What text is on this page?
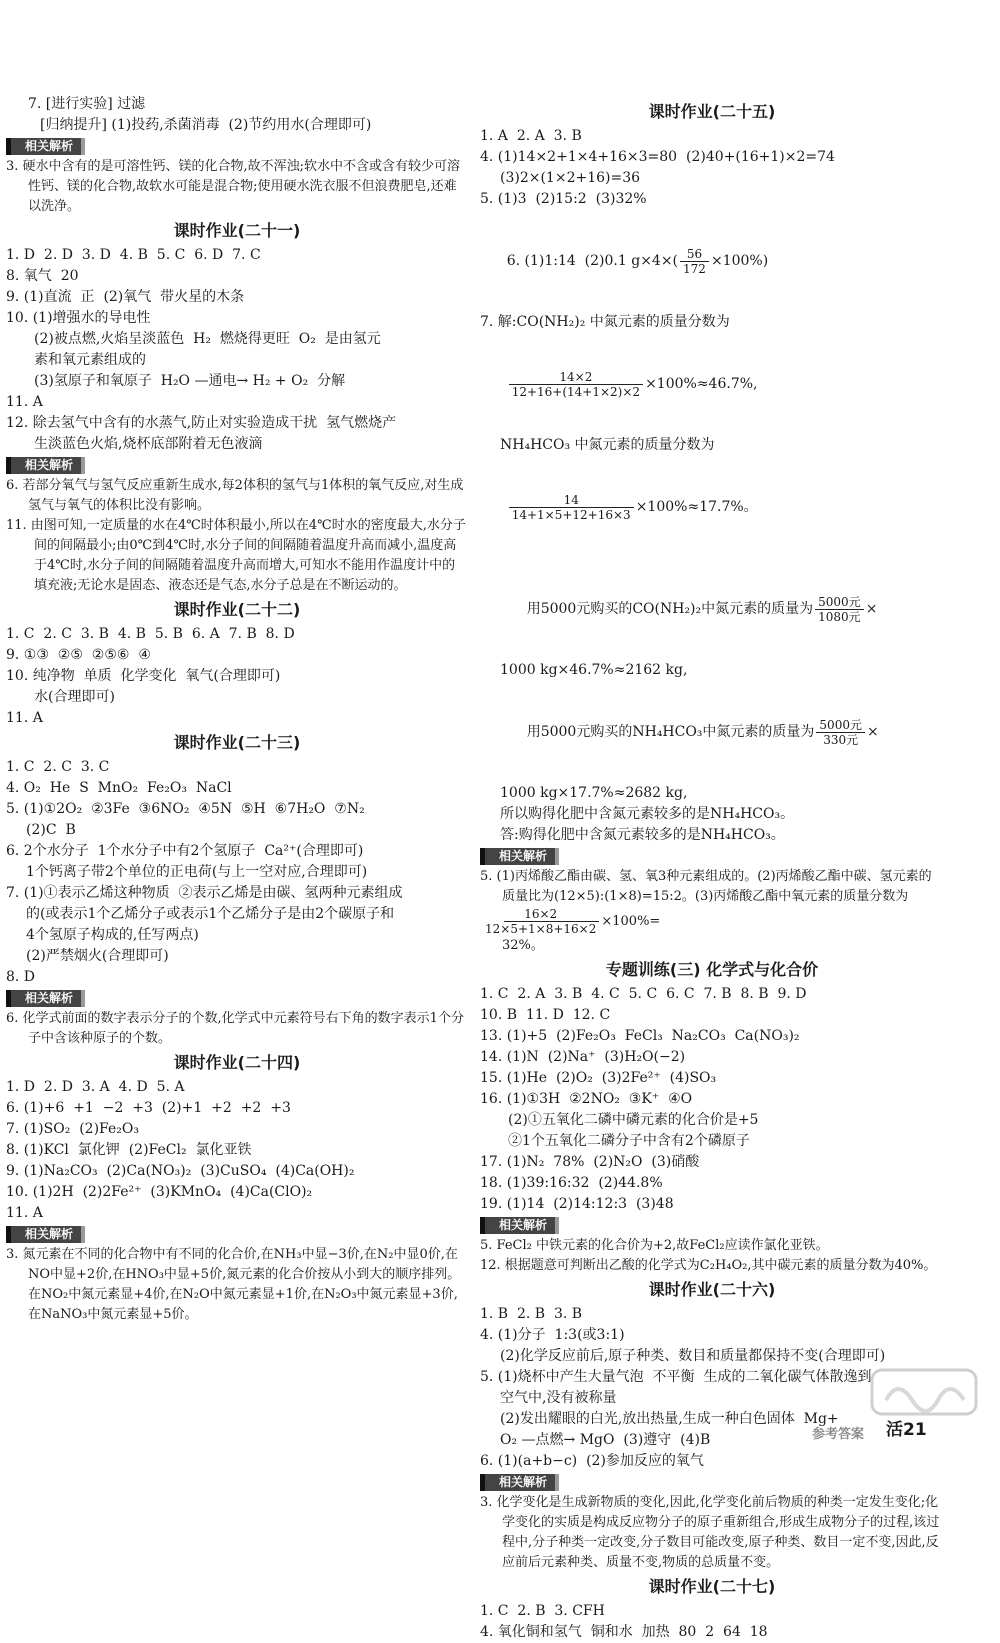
7. [进行实验] 过滤
[归纳提升] (1)投药,杀菌消毒  (2)节约用水(合理即可)
相关解析
3. 硬水中含有的是可溶性钙、镁的化合物,故不浑浊;软水中不含或含有较少可溶性钙、镁的化合物,故软水可能是混合物;使用硬水洗衣服不但浪费肥皂,还难以洗净。
课时作业(二十一)
1. D  2. D  3. D  4. B  5. C  6. D  7. C
8. 氧气  20
9. (1)直流  正  (2)氧气  带火星的木条
10. (1)增强水的导电性
(2)被点燃,火焰呈淡蓝色  H₂  燃烧得更旺  O₂  是由氢元
素和氧元素组成的
(3)氢原子和氧原子  H₂O —通电→ H₂ + O₂  分解
11. A
12. 除去氢气中含有的水蒸气,防止对实验造成干扰  氢气燃烧产
生淡蓝色火焰,烧杯底部附着无色液滴
相关解析
6. 若部分氧气与氢气反应重新生成水,每2体积的氢气与1体积的氧气反应,对生成氢气与氧气的体积比没有影响。
11. 由图可知,一定质量的水在4℃时体积最小,所以在4℃时水的密度最大,水分子间的间隔最小;由0℃到4℃时,水分子间的间隔随着温度升高而减小,温度高于4℃时,水分子间的间隔随着温度升高而增大,可知水不能用作温度计中的填充液;无论水是固态、液态还是气态,水分子总是在不断运动的。
课时作业(二十二)
1. C  2. C  3. B  4. B  5. B  6. A  7. B  8. D
9. ①③  ②⑤  ②⑤⑥  ④
10. 纯净物  单质  化学变化  氧气(合理即可)
水(合理即可)
11. A
课时作业(二十三)
1. C  2. C  3. C
4. O₂  He  S  MnO₂  Fe₂O₃  NaCl
5. (1)①2O₂  ②3Fe  ③6NO₂  ④5N  ⑤H  ⑥7H₂O  ⑦N₂
(2)C  B
6. 2个水分子  1个水分子中有2个氢原子  Ca²⁺(合理即可)
1个钙离子带2个单位的正电荷(与上一空对应,合理即可)
7. (1)①表示乙烯这种物质  ②表示乙烯是由碳、氢两种元素组成
的(或表示1个乙烯分子或表示1个乙烯分子是由2个碳原子和
4个氢原子构成的,任写两点)
(2)严禁烟火(合理即可)
8. D
相关解析
6. 化学式前面的数字表示分子的个数,化学式中元素符号右下角的数字表示1个分子中含该种原子的个数。
课时作业(二十四)
1. D  2. D  3. A  4. D  5. A
6. (1)+6  +1  −2  +3  (2)+1  +2  +2  +3
7. (1)SO₂  (2)Fe₂O₃
8. (1)KCl  氯化钾  (2)FeCl₂  氯化亚铁
9. (1)Na₂CO₃  (2)Ca(NO₃)₂  (3)CuSO₄  (4)Ca(OH)₂
10. (1)2H  (2)2Fe²⁺  (3)KMnO₄  (4)Ca(ClO)₂
11. A
相关解析
3. 氮元素在不同的化合物中有不同的化合价,在NH₃中显−3价,在N₂中显0价,在NO中显+2价,在HNO₃中显+5价,氮元素的化合价按从小到大的顺序排列。在NO₂中氮元素显+4价,在N₂O中氮元素显+1价,在N₂O₃中氮元素显+3价,在NaNO₃中氮元素显+5价。
课时作业(二十五)
1. A  2. A  3. B
4. (1)14×2+1×4+16×3=80  (2)40+(16+1)×2=74
(3)2×(1×2+16)=36
5. (1)3  (2)15:2  (3)32%

6. (1)1:14  (2)0.1 $g\times 4\times( \frac{56}{172} \times 100\%)$

7. 解:CO(NH₂)₂ 中氮元素的质量分数为

$\frac{14\times 2}{12+16+(14+1\times 2)\times 2} \times 100\%\approx 46.7\%$,

NH₄HCO₃ 中氮元素的质量分数为

$\frac{14}{14+1\times 5+12+16\times 3} \times 100\%\approx 17.7\%$。

用5000元购买的CO(NH₂)₂中氮元素的质量为 $\frac{\text{5000元}}{\text{1080元}}$ ×

1000 kg×46.7%≈2162 kg,

用5000元购买的NH₄HCO₃中氮元素的质量为 $\frac{\text{5000元}}{\text{330元}}$ ×

1000 kg×17.7%≈2682 kg,
所以购得化肥中含氮元素较多的是NH₄HCO₃。
答:购得化肥中含氮元素较多的是NH₄HCO₃。
相关解析
5. (1)丙烯酸乙酯由碳、氢、氧3种元素组成的。(2)丙烯酸乙酯中碳、氢元素的质量比为(12×5):(1×8)=15:2。(3)丙烯酸乙酯中氧元素的质量分数为
$\frac{16\times 2}{12\times 5+1\times 8+16\times 2} \times 100\%=$
32%。
专题训练(三) 化学式与化合价
1. C  2. A  3. B  4. C  5. C  6. C  7. B  8. B  9. D
10. B  11. D  12. C
13. (1)+5  (2)Fe₂O₃  FeCl₃  Na₂CO₃  Ca(NO₃)₂
14. (1)N  (2)Na⁺  (3)H₂O(−2)
15. (1)He  (2)O₂  (3)2Fe²⁺  (4)SO₃
16. (1)①3H  ②2NO₂  ③K⁺  ④O
(2)①五氧化二磷中磷元素的化合价是+5
②1个五氧化二磷分子中含有2个磷原子
17. (1)N₂  78%  (2)N₂O  (3)硝酸
18. (1)39:16:32  (2)44.8%
19. (1)14  (2)14:12:3  (3)48
相关解析
5. FeCl₂ 中铁元素的化合价为+2,故FeCl₂应读作氯化亚铁。
12. 根据题意可判断出乙酸的化学式为C₂H₄O₂,其中碳元素的质量分数为40%。
课时作业(二十六)
1. B  2. B  3. B
4. (1)分子  1:3(或3:1)
(2)化学反应前后,原子种类、数目和质量都保持不变(合理即可)
5. (1)烧杯中产生大量气泡  不平衡  生成的二氧化碳气体散逸到
空气中,没有被称量
(2)发出耀眼的白光,放出热量,生成一种白色固体  Mg+
O₂ —点燃→ MgO  (3)遵守  (4)B
6. (1)(a+b−c)  (2)参加反应的氧气
相关解析
3. 化学变化是生成新物质的变化,因此,化学变化前后物质的种类一定发生变化;化学变化的实质是构成反应物分子的原子重新组合,形成生成物分子的过程,该过程中,分子种类一定改变,分子数目可能改变,原子种类、数目一定不变,因此,反应前后元素种类、质量不变,物质的总质量不变。
课时作业(二十七)
1. C  2. B  3. CFH
4. 氧化铜和氢气  铜和水  加热  80  2  64  18
参考答案 活21
